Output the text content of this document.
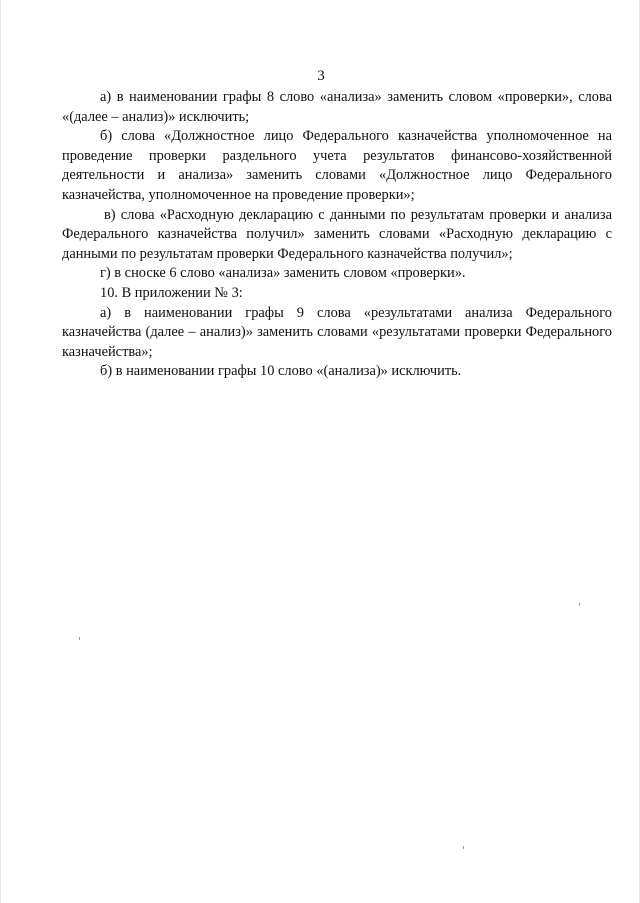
3

а) в наименовании графы 8 слово «анализа» заменить словом «проверки», слова «(далее – анализ)» исключить;

б) слова «Должностное лицо Федерального казначейства уполномоченное на проведение проверки раздельного учета результатов финансово-хозяйственной деятельности и анализа» заменить словами «Должностное лицо Федерального казначейства, уполномоченное на проведение проверки»;

в) слова «Расходную декларацию с данными по результатам проверки и анализа Федерального казначейства получил» заменить словами «Расходную декларацию с данными по результатам проверки Федерального казначейства получил»;

г) в сноске 6 слово «анализа» заменить словом «проверки».

10. В приложении № 3:

а) в наименовании графы 9 слова «результатами анализа Федерального казначейства (далее – анализ)» заменить словами «результатами проверки Федерального казначейства»;

б) в наименовании графы 10 слово «(анализа)» исключить.
